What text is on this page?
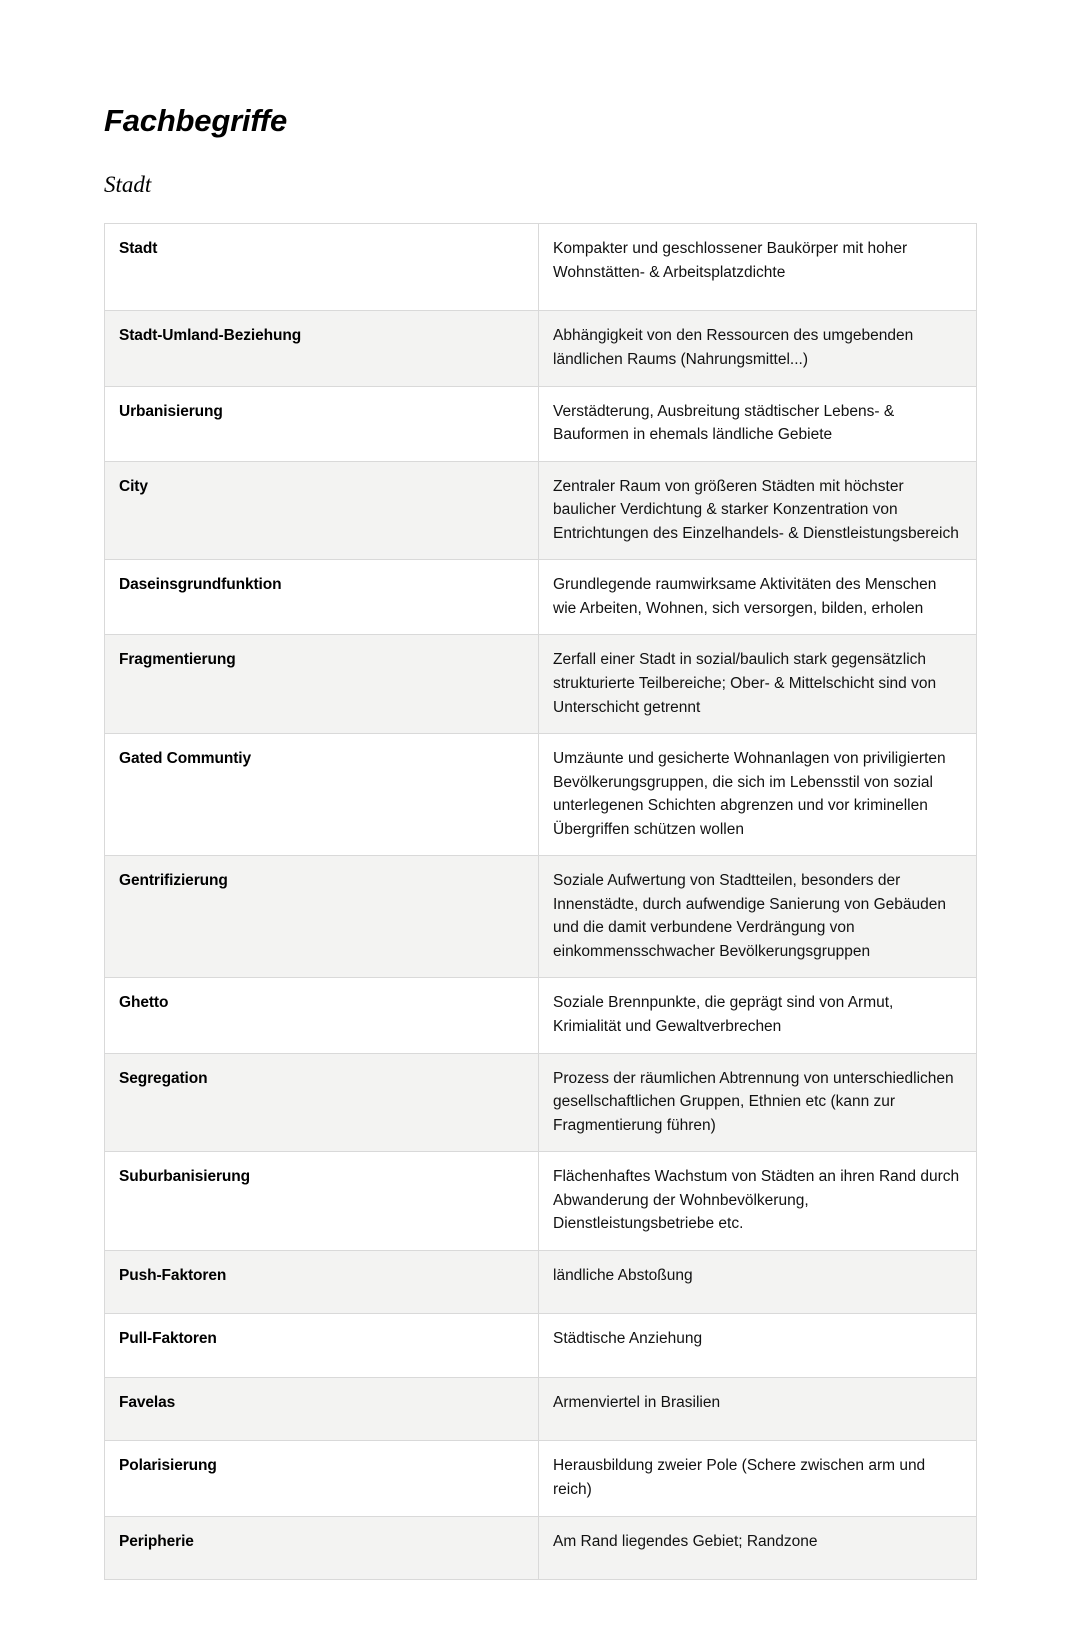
Fachbegriffe
Stadt
Stadt	Kompakter und geschlossener Baukörper mit hoher Wohnstätten- & Arbeitsplatzdichte
Stadt-Umland-Beziehung	Abhängigkeit von den Ressourcen des umgebenden ländlichen Raums (Nahrungsmittel...)
Urbanisierung	Verstädterung, Ausbreitung städtischer Lebens- & Bauformen in ehemals ländliche Gebiete
City	Zentraler Raum von größeren Städten mit höchster baulicher Verdichtung & starker Konzentration von Entrichtungen des Einzelhandels- & Dienstleistungsbereich
Daseinsgrundfunktion	Grundlegende raumwirksame Aktivitäten des Menschen wie Arbeiten, Wohnen, sich versorgen, bilden, erholen
Fragmentierung	Zerfall einer Stadt in sozial/baulich stark gegensätzlich strukturierte Teilbereiche; Ober- & Mittelschicht sind von Unterschicht getrennt
Gated Communtiy	Umzäunte und gesicherte Wohnanlagen von priviligierten Bevölkerungsgruppen, die sich im Lebensstil von sozial unterlegenen Schichten abgrenzen und vor kriminellen Übergriffen schützen wollen
Gentrifizierung	Soziale Aufwertung von Stadtteilen, besonders der Innenstädte, durch aufwendige Sanierung von Gebäuden und die damit verbundene Verdrängung von einkommensschwacher Bevölkerungsgruppen
Ghetto	Soziale Brennpunkte, die geprägt sind von Armut, Krimialität und Gewaltverbrechen
Segregation	Prozess der räumlichen Abtrennung von unterschiedlichen gesellschaftlichen Gruppen, Ethnien etc (kann zur Fragmentierung führen)
Suburbanisierung	Flächenhaftes Wachstum von Städten an ihren Rand durch Abwanderung der Wohnbevölkerung, Dienstleistungsbetriebe etc.
Push-Faktoren	ländliche Abstoßung
Pull-Faktoren	Städtische Anziehung
Favelas	Armenviertel in Brasilien
Polarisierung	Herausbildung zweier Pole (Schere zwischen arm und reich)
Peripherie	Am Rand liegendes Gebiet; Randzone
